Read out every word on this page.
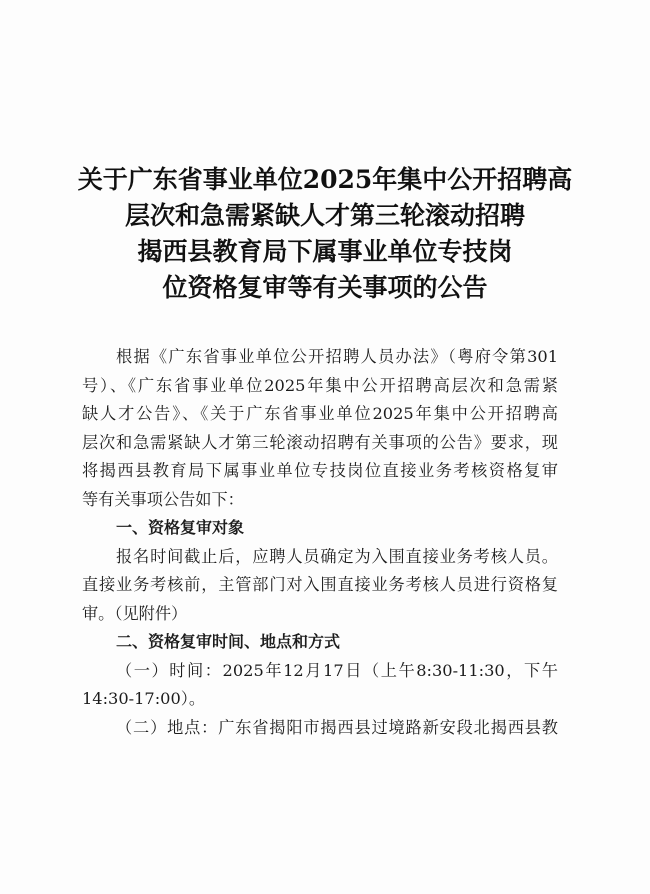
关于广东省事业单位2025年集中公开招聘高
层次和急需紧缺人才第三轮滚动招聘
揭西县教育局下属事业单位专技岗
位资格复审等有关事项的公告
根据《广东省事业单位公开招聘人员办法》（粤府令第301
号）、《广东省事业单位2025年集中公开招聘高层次和急需紧
缺人才公告》、《关于广东省事业单位2025年集中公开招聘高
层次和急需紧缺人才第三轮滚动招聘有关事项的公告》要求，现
将揭西县教育局下属事业单位专技岗位直接业务考核资格复审
等有关事项公告如下：
一、资格复审对象
报名时间截止后，应聘人员确定为入围直接业务考核人员。
直接业务考核前，主管部门对入围直接业务考核人员进行资格复
审。（见附件）
二、资格复审时间、地点和方式
（一）时间：2025年12月17日（上午8:30-11:30，下午
14:30-17:00）。
（二）地点：广东省揭阳市揭西县过境路新安段北揭西县教
